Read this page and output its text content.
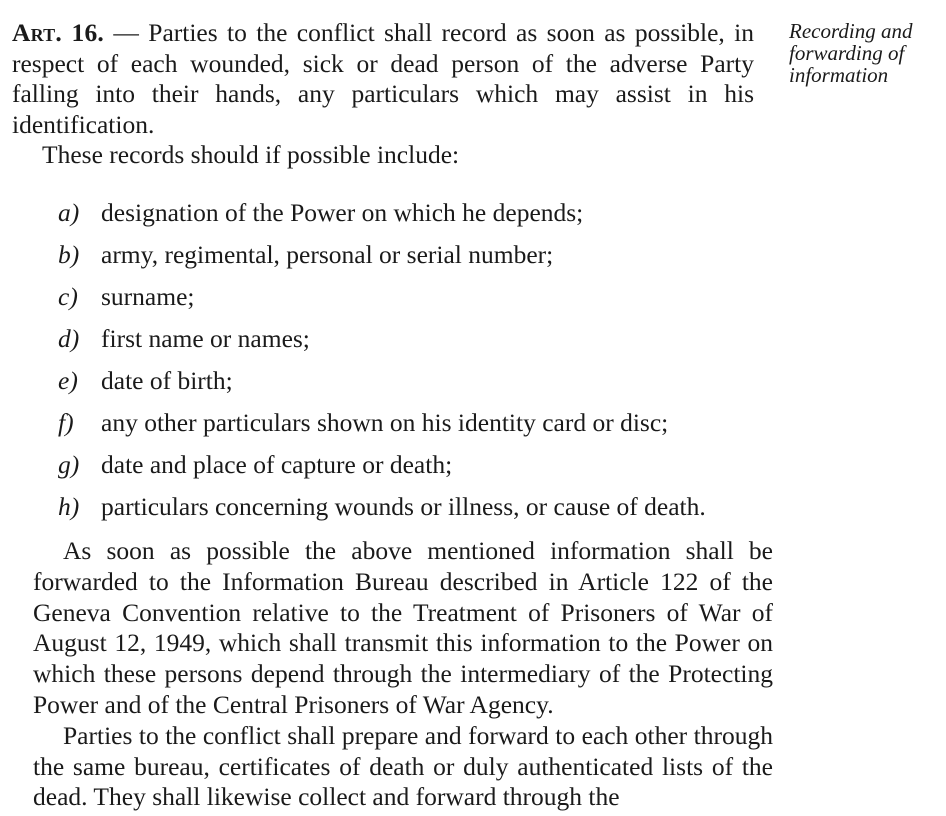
Art. 16. — Parties to the conflict shall record as soon as possible, in respect of each wounded, sick or dead person of the adverse Party falling into their hands, any particulars which may assist in his identification.
These records should if possible include:
Recording and forwarding of information
a) designation of the Power on which he depends;
b) army, regimental, personal or serial number;
c) surname;
d) first name or names;
e) date of birth;
f)	any other particulars shown on his identity card or disc;
g) date and place of capture or death;
h) particulars concerning wounds or illness, or cause of death.
As soon as possible the above mentioned information shall be forwarded to the Information Bureau described in Article 122 of the Geneva Convention relative to the Treatment of Prisoners of War of August 12, 1949, which shall transmit this information to the Power on which these persons depend through the intermediary of the Protecting Power and of the Central Prisoners of War Agency.
Parties to the conflict shall prepare and forward to each other through the same bureau, certificates of death or duly authenticated lists of the dead. They shall likewise collect and forward through the
